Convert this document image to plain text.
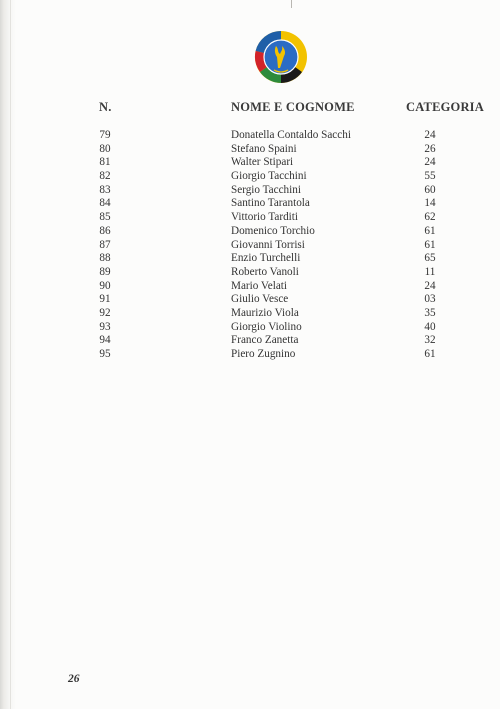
N.	NOME E COGNOME	CATEGORIA
79	Donatella Contaldo Sacchi	24
80	Stefano Spaini	26
81	Walter Stipari	24
82	Giorgio Tacchini	55
83	Sergio Tacchini	60
84	Santino Tarantola	14
85	Vittorio Tarditi	62
86	Domenico Torchio	61
87	Giovanni Torrisi	61
88	Enzio Turchelli	65
89	Roberto Vanoli	11
90	Mario Velati	24
91	Giulio Vesce	03
92	Maurizio Viola	35
93	Giorgio Violino	40
94	Franco Zanetta	32
95	Piero Zugnino	61
26
